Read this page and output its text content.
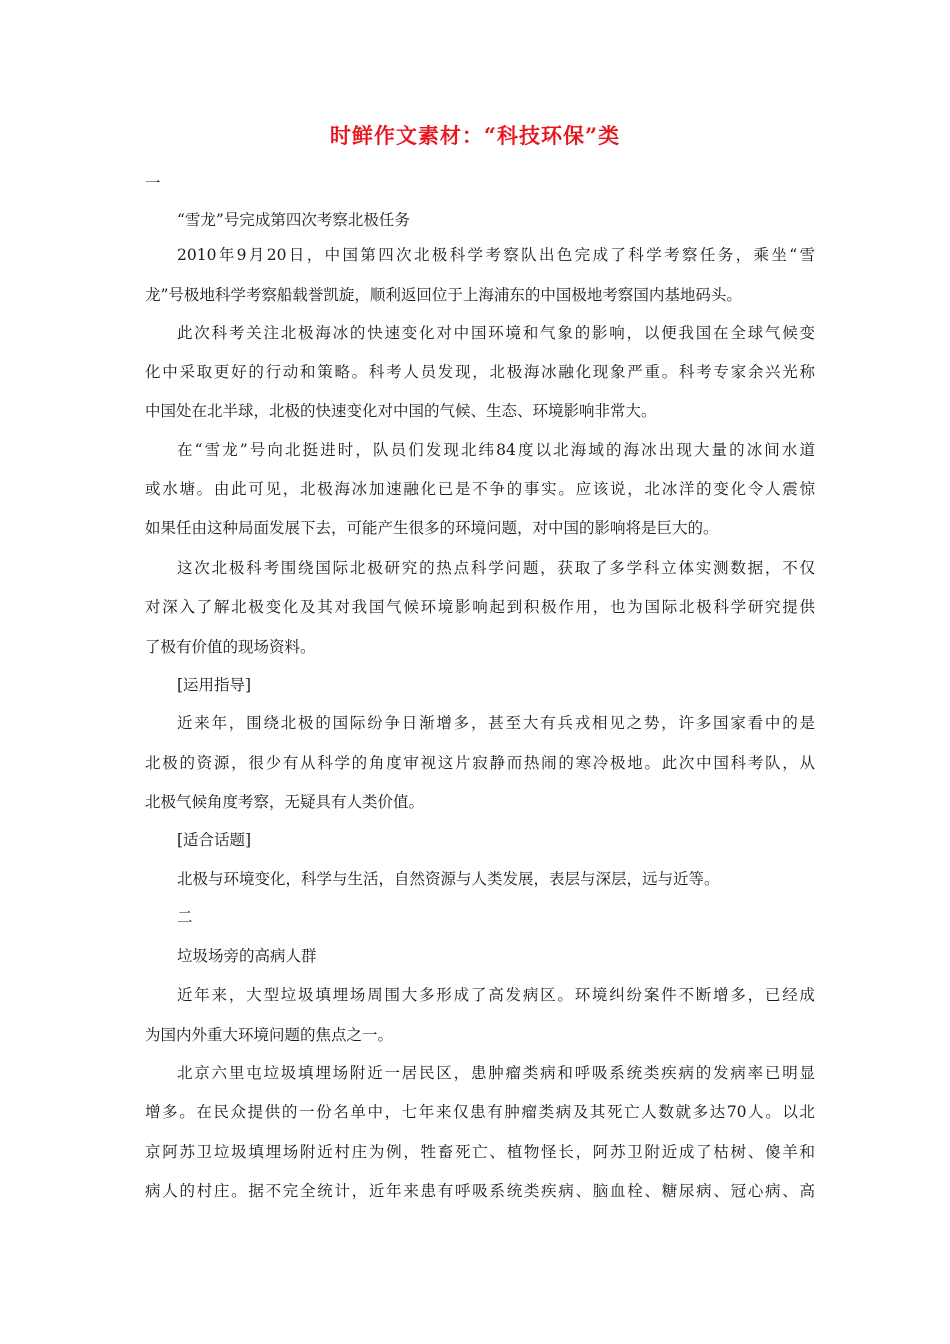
时鲜作文素材：“科技环保”类
一
“雪龙”号完成第四次考察北极任务
2010年9月20日，中国第四次北极科学考察队出色完成了科学考察任务，乘坐“雪
龙”号极地科学考察船载誉凯旋，顺利返回位于上海浦东的中国极地考察国内基地码头。
此次科考关注北极海冰的快速变化对中国环境和气象的影响，以便我国在全球气候变
化中采取更好的行动和策略。科考人员发现，北极海冰融化现象严重。科考专家余兴光称
中国处在北半球，北极的快速变化对中国的气候、生态、环境影响非常大。
在“雪龙”号向北挺进时，队员们发现北纬84度以北海域的海冰出现大量的冰间水道
或水塘。由此可见，北极海冰加速融化已是不争的事实。应该说，北冰洋的变化令人震惊
如果任由这种局面发展下去，可能产生很多的环境问题，对中国的影响将是巨大的。
这次北极科考围绕国际北极研究的热点科学问题，获取了多学科立体实测数据，不仅
对深入了解北极变化及其对我国气候环境影响起到积极作用，也为国际北极科学研究提供
了极有价值的现场资料。
[运用指导]
近来年，围绕北极的国际纷争日渐增多，甚至大有兵戎相见之势，许多国家看中的是
北极的资源，很少有从科学的角度审视这片寂静而热闹的寒冷极地。此次中国科考队，从
北极气候角度考察，无疑具有人类价值。
[适合话题]
北极与环境变化，科学与生活，自然资源与人类发展，表层与深层，远与近等。
二
垃圾场旁的高病人群
近年来，大型垃圾填埋场周围大多形成了高发病区。环境纠纷案件不断增多，已经成
为国内外重大环境问题的焦点之一。
北京六里屯垃圾填埋场附近一居民区，患肿瘤类病和呼吸系统类疾病的发病率已明显
增多。在民众提供的一份名单中，七年来仅患有肿瘤类病及其死亡人数就多达70人。以北
京阿苏卫垃圾填埋场附近村庄为例，牲畜死亡、植物怪长，阿苏卫附近成了枯树、傻羊和
病人的村庄。据不完全统计，近年来患有呼吸系统类疾病、脑血栓、糖尿病、冠心病、高
